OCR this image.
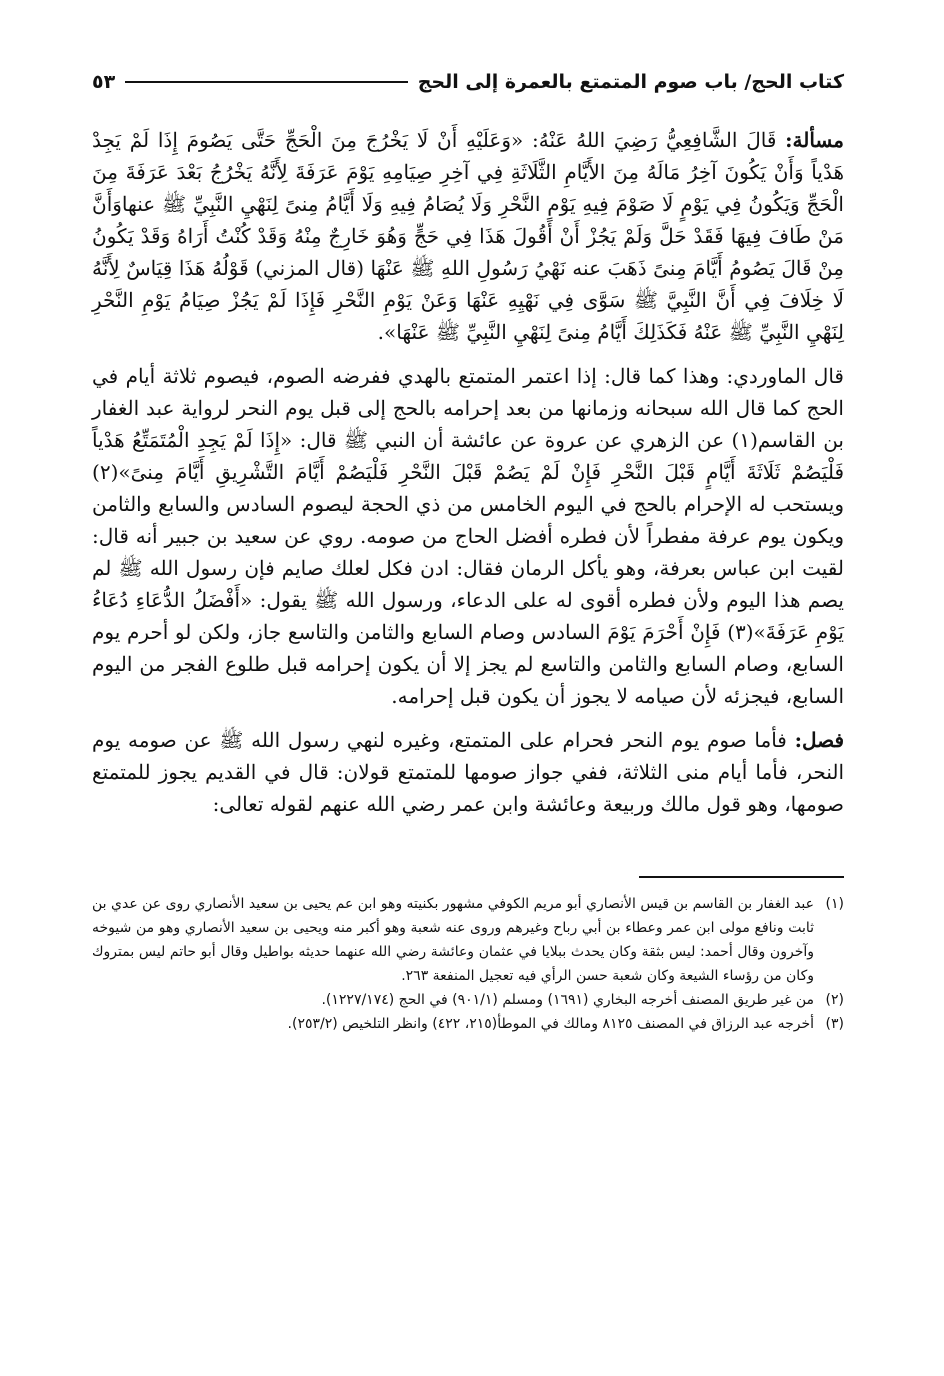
كتاب الحج/ باب صوم المتمتع بالعمرة إلى الحج
٥٣

مسألة: قَالَ الشَّافِعِيُّ رَضِيَ اللهُ عَنْهُ: «وَعَلَيْهِ أَنْ لَا يَخْرُجَ مِنَ الْحَجِّ حَتَّى يَصُومَ إِذَا لَمْ يَجِدْ هَدْياً وَأَنْ يَكُونَ آخِرُ مَالَهُ مِنَ الأَيَّامِ الثَّلَاثَةِ فِي آخِرِ صِيَامِهِ يَوْمَ عَرَفَةَ لِأَنَّهُ يَخْرُجُ بَعْدَ عَرَفَةَ مِنَ الْحَجِّ وَيَكُونُ فِي يَوْمٍ لَا صَوْمَ فِيهِ يَوْمِ النَّحْرِ وَلَا يُصَامُ فِيهِ وَلَا أَيَّامُ مِنىً لِنَهْيِ النَّبِيِّ ﷺ عنهاوَأَنَّ مَنْ طَافَ فِيهَا فَقَدْ حَلَّ وَلَمْ يَجُزْ أَنْ أَقُولَ هَذَا فِي حَجٍّ وَهُوَ خَارِجٌ مِنْهُ وَقَدْ كُنْتُ أَرَاهُ وَقَدْ يَكُونُ مِنْ قَالَ يَصُومُ أَيَّامَ مِنىً ذَهَبَ عنه نَهْيُ رَسُولِ اللهِ ﷺ عَنْهَا (قال المزني) قَوْلُهُ هَذَا قِيَاسٌ لِأَنَّهُ لَا خِلَافَ فِي أَنَّ النَّبِيَّ ﷺ سَوَّى فِي نَهْيِهِ عَنْهَا وَعَنْ يَوْمِ النَّحْرِ فَإِذَا لَمْ يَجُزْ صِيَامُ يَوْمِ النَّحْرِ لِنَهْيِ النَّبِيِّ ﷺ عَنْهُ فَكَذَلِكَ أَيَّامُ مِنىً لِنَهْيِ النَّبِيِّ ﷺ عَنْهَا».

قال الماوردي: وهذا كما قال: إذا اعتمر المتمتع بالهدي ففرضه الصوم، فيصوم ثلاثة أيام في الحج كما قال الله سبحانه وزمانها من بعد إحرامه بالحج إلى قبل يوم النحر لرواية عبد الغفار بن القاسم(١) عن الزهري عن عروة عن عائشة أن النبي ﷺ قال: «إِذَا لَمْ يَجِدِ الْمُتَمَتِّعُ هَدْياً فَلْيَصُمْ ثَلَاثَةَ أَيَّامٍ قَبْلَ النَّحْرِ فَإِنْ لَمْ يَصُمْ قَبْلَ النَّحْرِ فَلْيَصُمْ أَيَّامَ التَّشْرِيقِ أَيَّامَ مِنىً»(٢) ويستحب له الإحرام بالحج في اليوم الخامس من ذي الحجة ليصوم السادس والسابع والثامن ويكون يوم عرفة مفطراً لأن فطره أفضل الحاج من صومه. روي عن سعيد بن جبير أنه قال: لقيت ابن عباس بعرفة، وهو يأكل الرمان فقال: ادن فكل لعلك صايم فإن رسول الله ﷺ لم يصم هذا اليوم ولأن فطره أقوى له على الدعاء، ورسول الله ﷺ يقول: «أَفْضَلُ الدُّعَاءِ دُعَاءُ يَوْمِ عَرَفَةَ»(٣) فَإِنْ أَحْرَمَ يَوْمَ السادس وصام السابع والثامن والتاسع جاز، ولكن لو أحرم يوم السابع، وصام السابع والثامن والتاسع لم يجز إلا أن يكون إحرامه قبل طلوع الفجر من اليوم السابع، فيجزئه لأن صيامه لا يجوز أن يكون قبل إحرامه.

فصل: فأما صوم يوم النحر فحرام على المتمتع، وغيره لنهي رسول الله ﷺ عن صومه يوم النحر، فأما أيام منى الثلاثة، ففي جواز صومها للمتمتع قولان: قال في القديم يجوز للمتمتع صومها، وهو قول مالك وربيعة وعائشة وابن عمر رضي الله عنهم لقوله تعالى:

(١)
عبد الغفار بن القاسم بن قيس الأنصاري أبو مريم الكوفي مشهور بكنيته وهو ابن عم يحيى بن سعيد الأنصاري روى عن عدي بن ثابت ونافع مولى ابن عمر وعطاء بن أبي رباح وغيرهم وروى عنه شعبة وهو أكبر منه ويحيى بن سعيد الأنصاري وهو من شيوخه وآخرون وقال أحمد: ليس بثقة وكان يحدث ببلايا في عثمان وعائشة رضي الله عنهما حديثه بواطيل وقال أبو حاتم ليس بمتروك وكان من رؤساء الشيعة وكان شعبة حسن الرأي فيه تعجيل المنفعة ٢٦٣.
(٢)
من غير طريق المصنف أخرجه البخاري (١٦٩١) ومسلم (٩٠١/١) في الحج (١٢٢٧/١٧٤).
(٣)
أخرجه عبد الرزاق في المصنف ٨١٢٥ ومالك في الموطأ(٢١٥، ٤٢٢) وانظر التلخيص (٢٥٣/٢).
